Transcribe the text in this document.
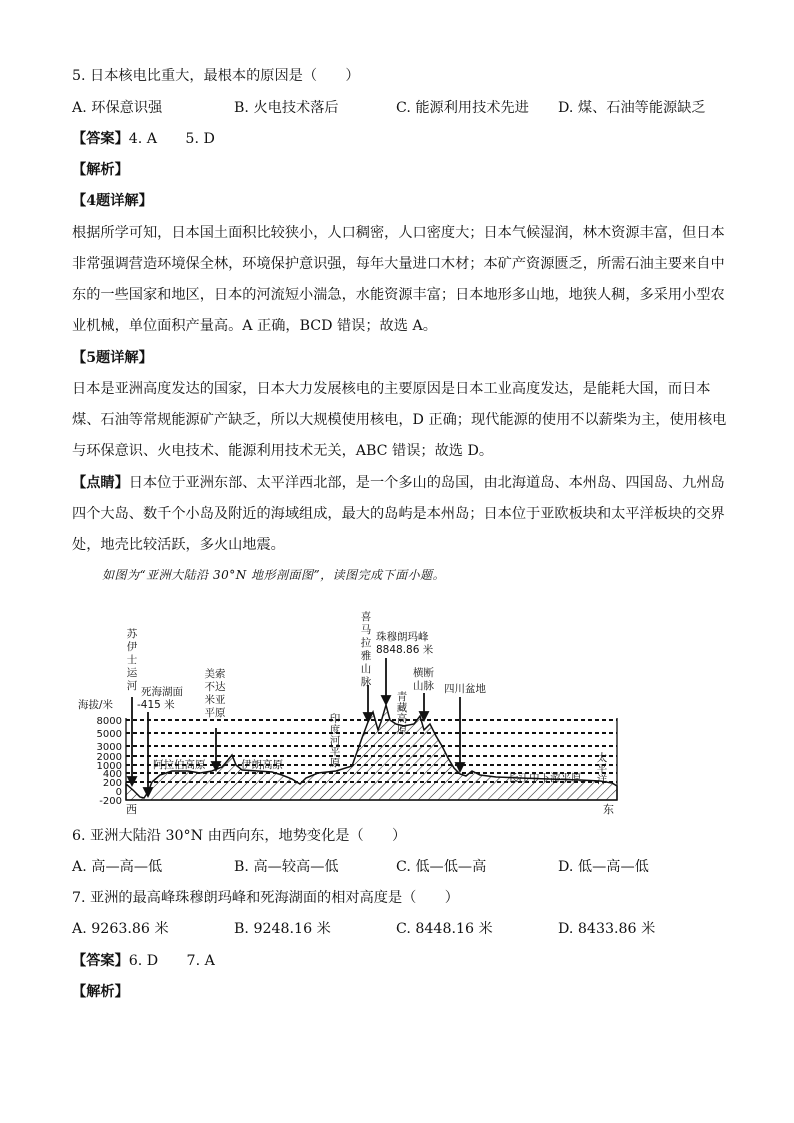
5. 日本核电比重大，最根本的原因是（　　）
A. 环保意识强	B. 火电技术落后	C. 能源利用技术先进 D. 煤、石油等能源缺乏
【答案】4. A　　5. D
【解析】
【4题详解】
根据所学可知，日本国土面积比较狭小，人口稠密，人口密度大；日本气候湿润，林木资源丰富，但日本
非常强调营造环境保全林，环境保护意识强，每年大量进口木材；本矿产资源匮乏，所需石油主要来自中
东的一些国家和地区，日本的河流短小湍急，水能资源丰富；日本地形多山地，地狭人稠，多采用小型农
业机械，单位面积产量高。A 正确，BCD 错误；故选 A。
【5题详解】
日本是亚洲高度发达的国家，日本大力发展核电的主要原因是日本工业高度发达，是能耗大国，而日本
煤、石油等常规能源矿产缺乏，所以大规模使用核电，D 正确；现代能源的使用不以薪柴为主，使用核电
与环保意识、火电技术、能源利用技术无关，ABC 错误；故选 D。
【点睛】日本位于亚洲东部、太平洋西北部，是一个多山的岛国，由北海道岛、本州岛、四国岛、九州岛
四个大岛、数千个小岛及附近的海域组成，最大的岛屿是本州岛；日本位于亚欧板块和太平洋板块的交界
处，地壳比较活跃，多火山地震。
如图为“亚洲大陆沿 30°N 地形剖面图”，读图完成下面小题。
海拔/米
8000
5000
3000
2000
1000
400
200
0
-200
苏伊士运河
印度河平原
喜马拉雅山脉
青藏高原
太平洋
美索不达米亚平原
死海湖面
-415 米
阿拉伯高原	伊朗高原
珠穆朗玛峰
8848.86 米
四川盆地
长江中下游平原
西	东
横断山脉
6. 亚洲大陆沿 30°N 由西向东，地势变化是（　　）
A. 高—高—低	B. 高—较高—低	C. 低—低—高	D. 低—高—低
7. 亚洲的最高峰珠穆朗玛峰和死海湖面的相对高度是（　　）
A. 9263.86 米	B. 9248.16 米	C. 8448.16 米	D. 8433.86 米
【答案】6. D　　7. A
【解析】
